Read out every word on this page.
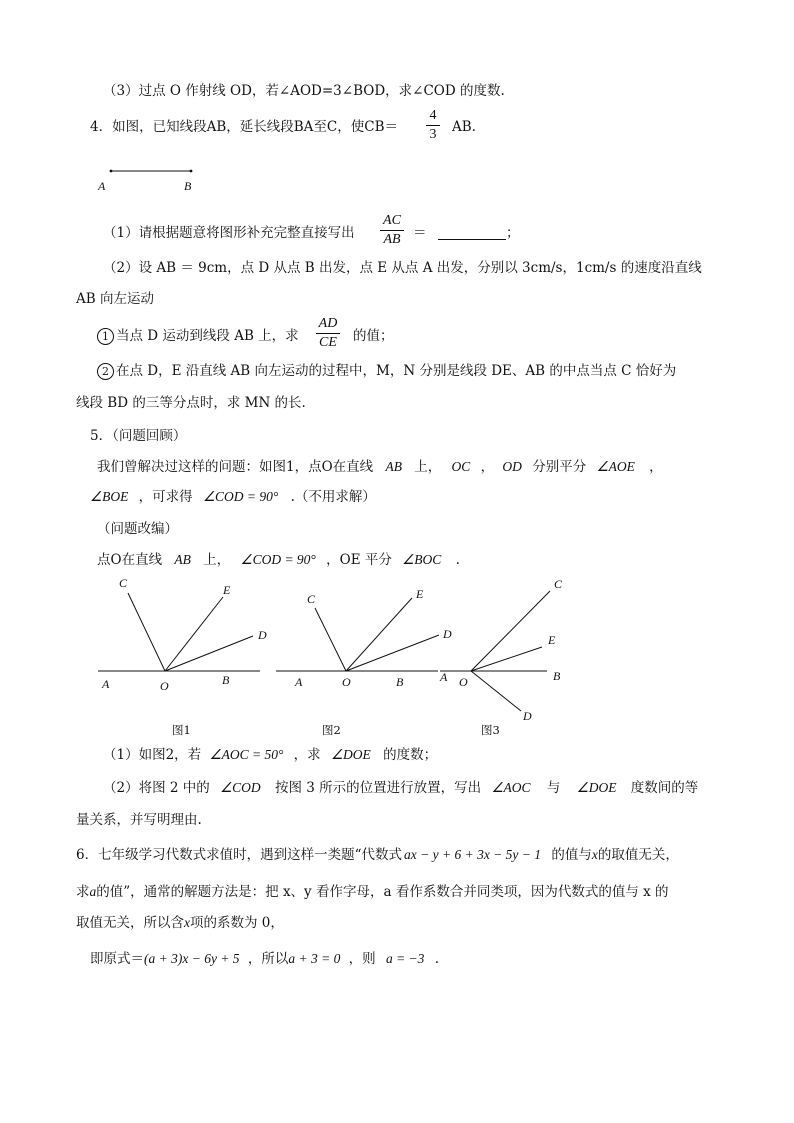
（3）过点 O 作射线 OD，若∠AOD=3∠BOD，求∠COD 的度数.
4．如图，已知线段AB，延长线段BA至C，使CB＝
4
3 AB.
A	B
（1）请根据题意将图形补充完整直接写出
AC
AB ＝	；
（2）设 AB ＝ 9cm，点 D 从点 B 出发，点 E 从点 A 出发，分别以 3cm/s，1cm/s 的速度沿直线
AB 向左运动
1 当点 D 运动到线段 AB 上，求
AD
CE 的值；
2 在点 D，E 沿直线 AB 向左运动的过程中，M，N 分别是线段 DE、AB 的中点当点 C 恰好为
线段 BD 的三等分点时，求 MN 的长.
5．（问题回顾）
我们曾解决过这样的问题：如图1，点O在直线 AB 上， OC ， OD 分别平分 ∠AOE ，
∠BOE ，可求得 ∠COD = 90° .（不用求解）
（问题改编）
点O在直线 AB 上， ∠COD = 90° ，OE 平分 ∠BOC .
C	E
D
A	O	B
图1
C	E
D
A	O	B
图2
C
E
B
A O
D
图3
（1）如图2，若 ∠AOC = 50° ，求 ∠DOE 的度数；
（2）将图 2 中的 ∠COD 按图 3 所示的位置进行放置，写出 ∠AOC 与 ∠DOE 度数间的等
量关系，并写明理由.
6．七年级学习代数式求值时，遇到这样一类题“代数式 ax − y + 6 + 3x − 5y − 1 的值与x的取值无关，
求a的值”，通常的解题方法是：把 x、y 看作字母，a 看作系数合并同类项，因为代数式的值与 x 的
取值无关，所以含x项的系数为 0，
即原式＝(a + 3)x − 6y + 5 ，所以a + 3 = 0 ，则 a = −3 .
